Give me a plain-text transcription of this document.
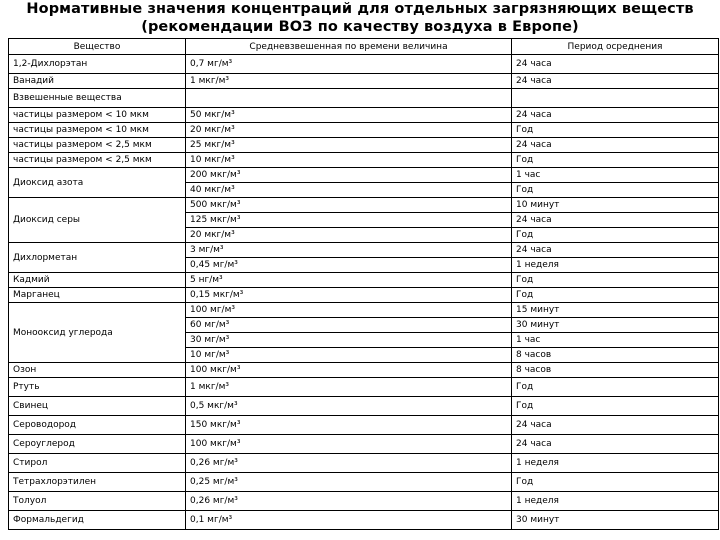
Нормативные значения концентраций для отдельных загрязняющих веществ
(рекомендации ВОЗ по качеству воздуха в Европе)
Вещество	Средневзвешенная по времени величина	Период осреднения
1,2-Дихлорэтан	0,7 мг/м³	24 часа
Ванадий	1 мкг/м³	24 часа
Взвешенные вещества		
частицы размером < 10 мкм	50 мкг/м³	24 часа
частицы размером < 10 мкм	20 мкг/м³	Год
частицы размером < 2,5 мкм	25 мкг/м³	24 часа
частицы размером < 2,5 мкм	10 мкг/м³	Год
Диоксид азота	200 мкг/м³	1 час
	40 мкг/м³	Год
Диоксид серы	500 мкг/м³	10 минут
	125 мкг/м³	24 часа
	20 мкг/м³	Год
Дихлорметан	3 мг/м³	24 часа
	0,45 мг/м³	1 неделя
Кадмий	5 нг/м³	Год
Марганец	0,15 мкг/м³	Год
Монооксид углерода	100 мг/м³	15 минут
	60 мг/м³	30 минут
	30 мг/м³	1 час
	10 мг/м³	8 часов
Озон	100 мкг/м³	8 часов
Ртуть	1 мкг/м³	Год
Свинец	0,5 мкг/м³	Год
Сероводород	150 мкг/м³	24 часа
Сероуглерод	100 мкг/м³	24 часа
Стирол	0,26 мг/м³	1 неделя
Тетрахлорэтилен	0,25 мг/м³	Год
Толуол	0,26 мг/м³	1 неделя
Формальдегид	0,1 мг/м³	30 минут
